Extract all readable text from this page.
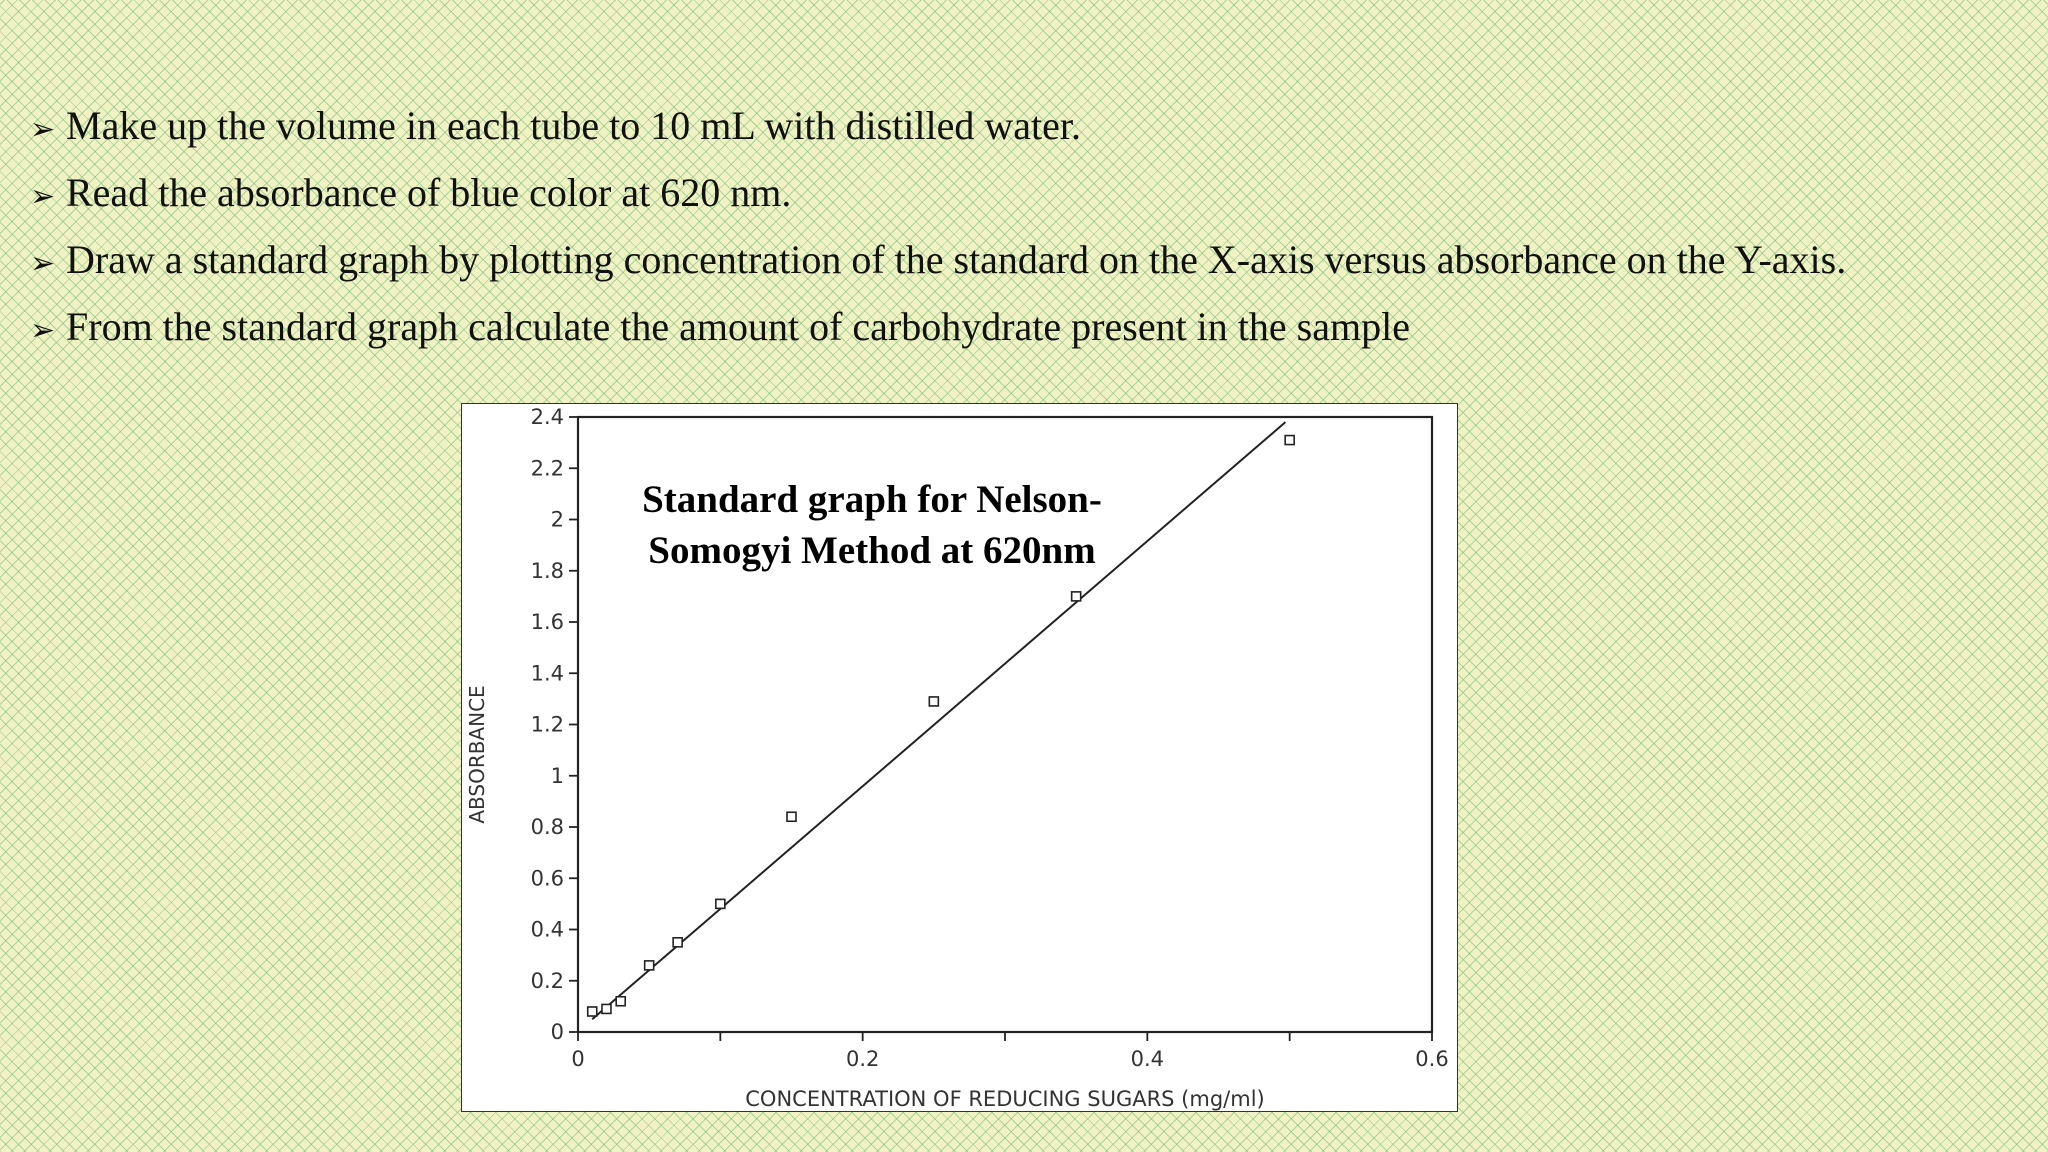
➢ Make up the volume in each tube to 10 mL with distilled water.
➢ Read the absorbance of blue color at 620 nm.
➢ Draw a standard graph by plotting concentration of the standard on the X-axis versus absorbance on the Y-axis.
➢ From the standard graph calculate the amount of carbohydrate present in the sample
0
0.2
0.4
0.6
0.8
1
1.2
1.4
1.6
1.8
2
2.2
2.4
0	0.2	0.4	0.6
CONCENTRATION OF REDUCING SUGARS (mg/ml)
ABSORBANCE
Standard graph for Nelson-
Somogyi Method at 620nm
